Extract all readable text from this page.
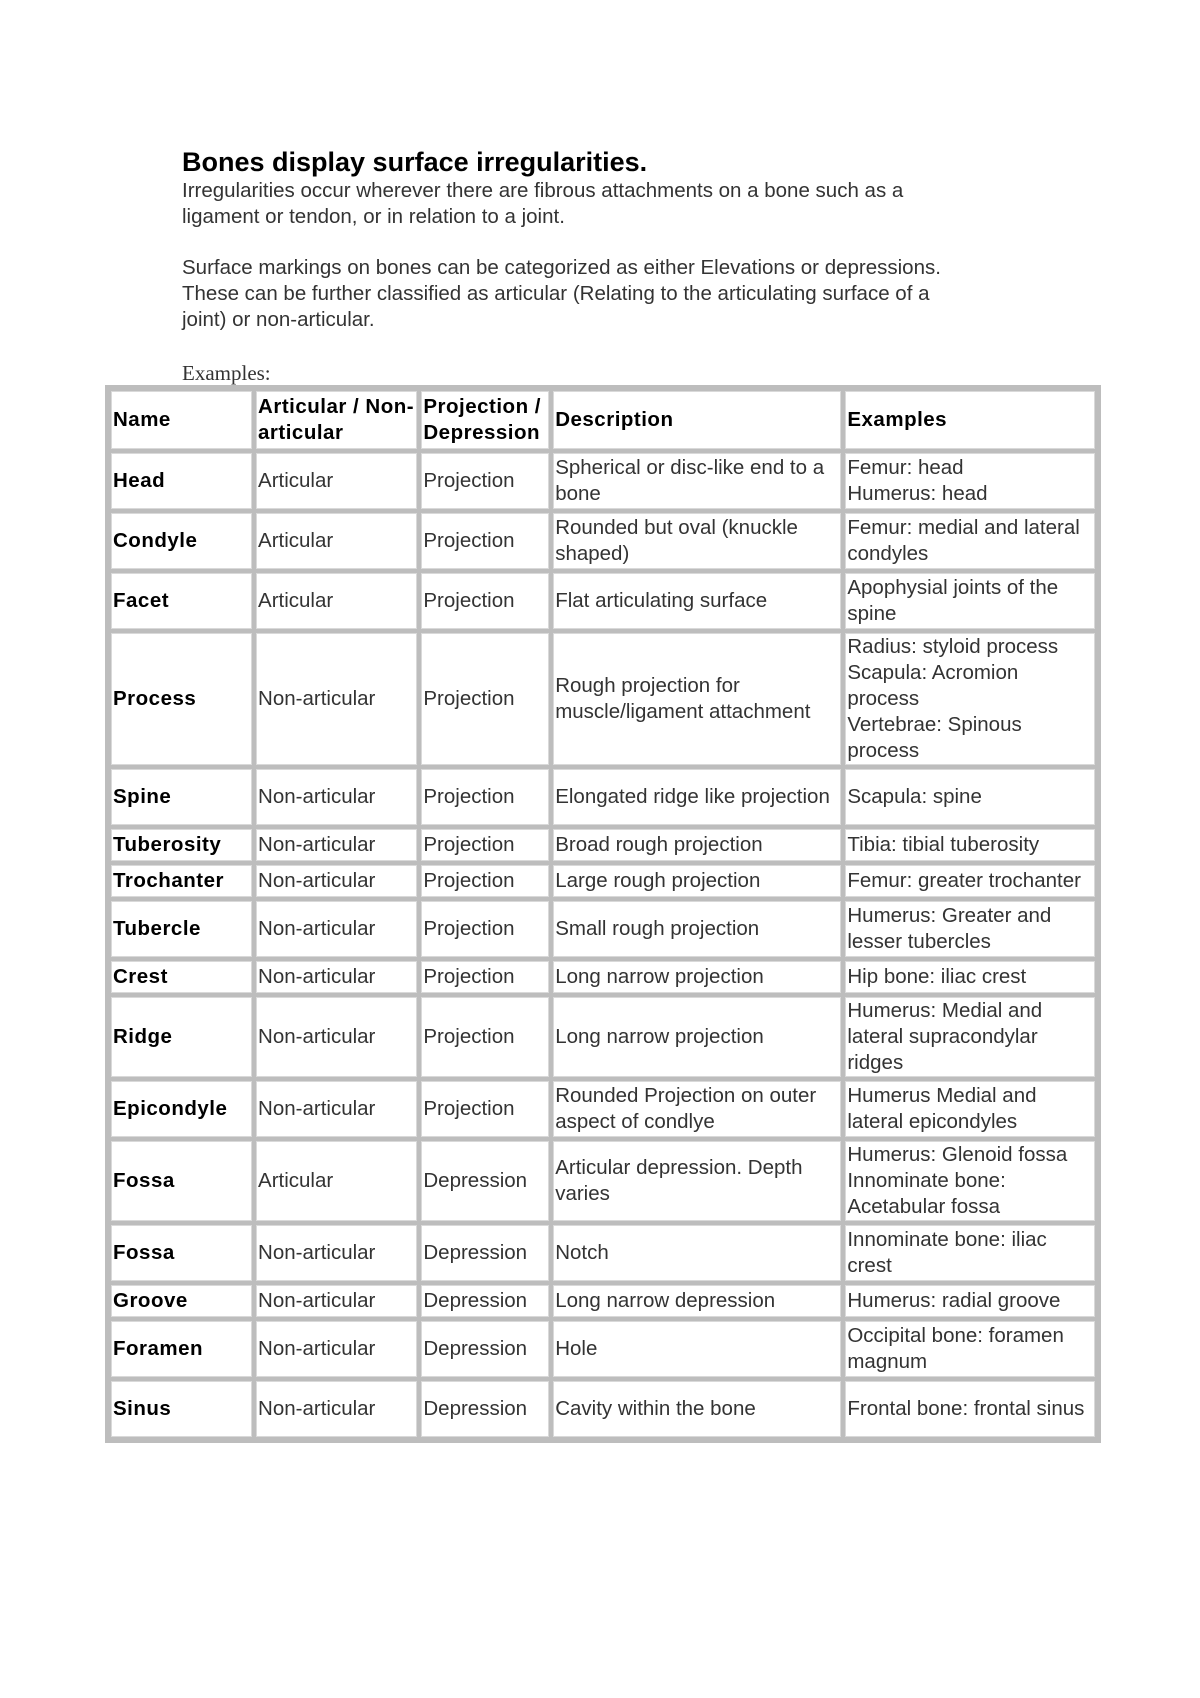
Bones display surface irregularities.

Irregularities occur wherever there are fibrous attachments on a bone such as a
ligament or tendon, or in relation to a joint.

Surface markings on bones can be categorized as either Elevations or depressions.
These can be further classified as articular (Relating to the articulating surface of a
joint) or non-articular.

Examples:

Name	Articular / Non-articular	Projection / Depression	Description	Examples
Head	Articular	Projection	Spherical or disc-like end to a bone	Femur: head
Humerus: head

Condyle	Articular	Projection	Rounded but oval (knuckle shaped)	Femur: medial and lateral condyles

Facet	Articular	Projection	Flat articulating surface	Apophysial joints of the spine

Process	Non-articular	Projection	Rough projection for muscle/ligament attachment	Radius: styloid process
Scapula: Acromion process
Vertebrae: Spinous process

Spine	Non-articular	Projection	Elongated ridge like projection	Scapula: spine

Tuberosity	Non-articular	Projection	Broad rough projection	Tibia: tibial tuberosity

Trochanter	Non-articular	Projection	Large rough projection	Femur: greater trochanter

Tubercle	Non-articular	Projection	Small rough projection	Humerus: Greater and lesser tubercles

Crest	Non-articular	Projection	Long narrow projection	Hip bone: iliac crest

Ridge	Non-articular	Projection	Long narrow projection	Humerus: Medial and lateral supracondylar ridges

Epicondyle	Non-articular	Projection	Rounded Projection on outer aspect of condlye	Humerus Medial and lateral epicondyles

Fossa	Articular	Depression	Articular depression. Depth varies	Humerus: Glenoid fossa
Innominate bone: Acetabular fossa

Fossa	Non-articular	Depression	Notch	Innominate bone: iliac crest

Groove	Non-articular	Depression	Long narrow depression	Humerus: radial groove

Foramen	Non-articular	Depression	Hole	Occipital bone: foramen magnum

Sinus	Non-articular	Depression	Cavity within the bone	Frontal bone: frontal sinus
